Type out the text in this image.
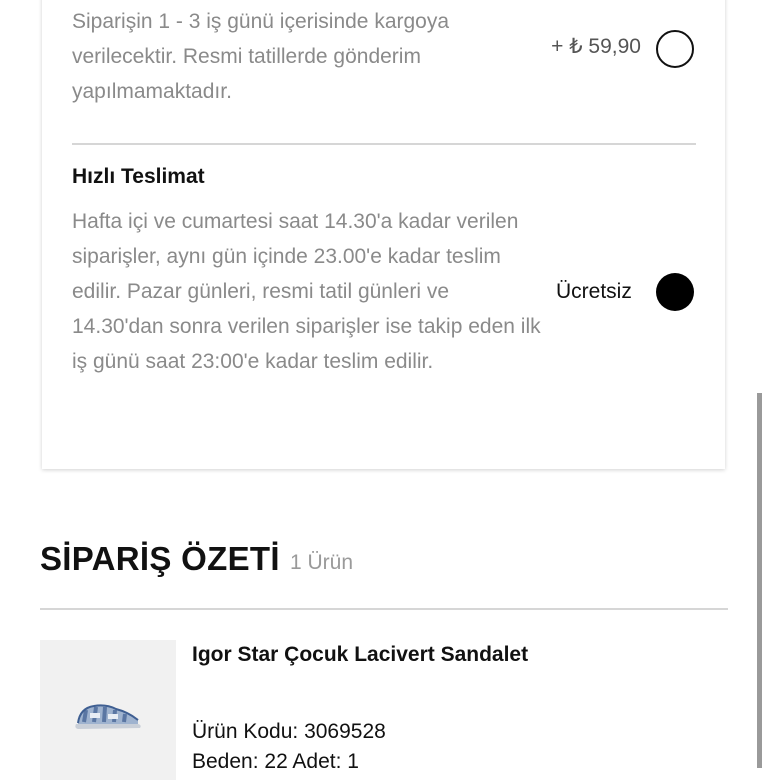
Siparişin 1 - 3 iş günü içerisinde kargoya verilecektir. Resmi tatillerde gönderim yapılmamaktadır.
+ ₺ 59,90
Hızlı Teslimat
Hafta içi ve cumartesi saat 14.30'a kadar verilen siparişler, aynı gün içinde 23.00'e kadar teslim edilir. Pazar günleri, resmi tatil günleri ve 14.30'dan sonra verilen siparişler ise takip eden ilk iş günü saat 23:00'e kadar teslim edilir.
Ücretsiz
SİPARİŞ ÖZETİ 1 Ürün
Igor Star Çocuk Lacivert Sandalet
Ürün Kodu: 3069528
Beden: 22 Adet: 1
